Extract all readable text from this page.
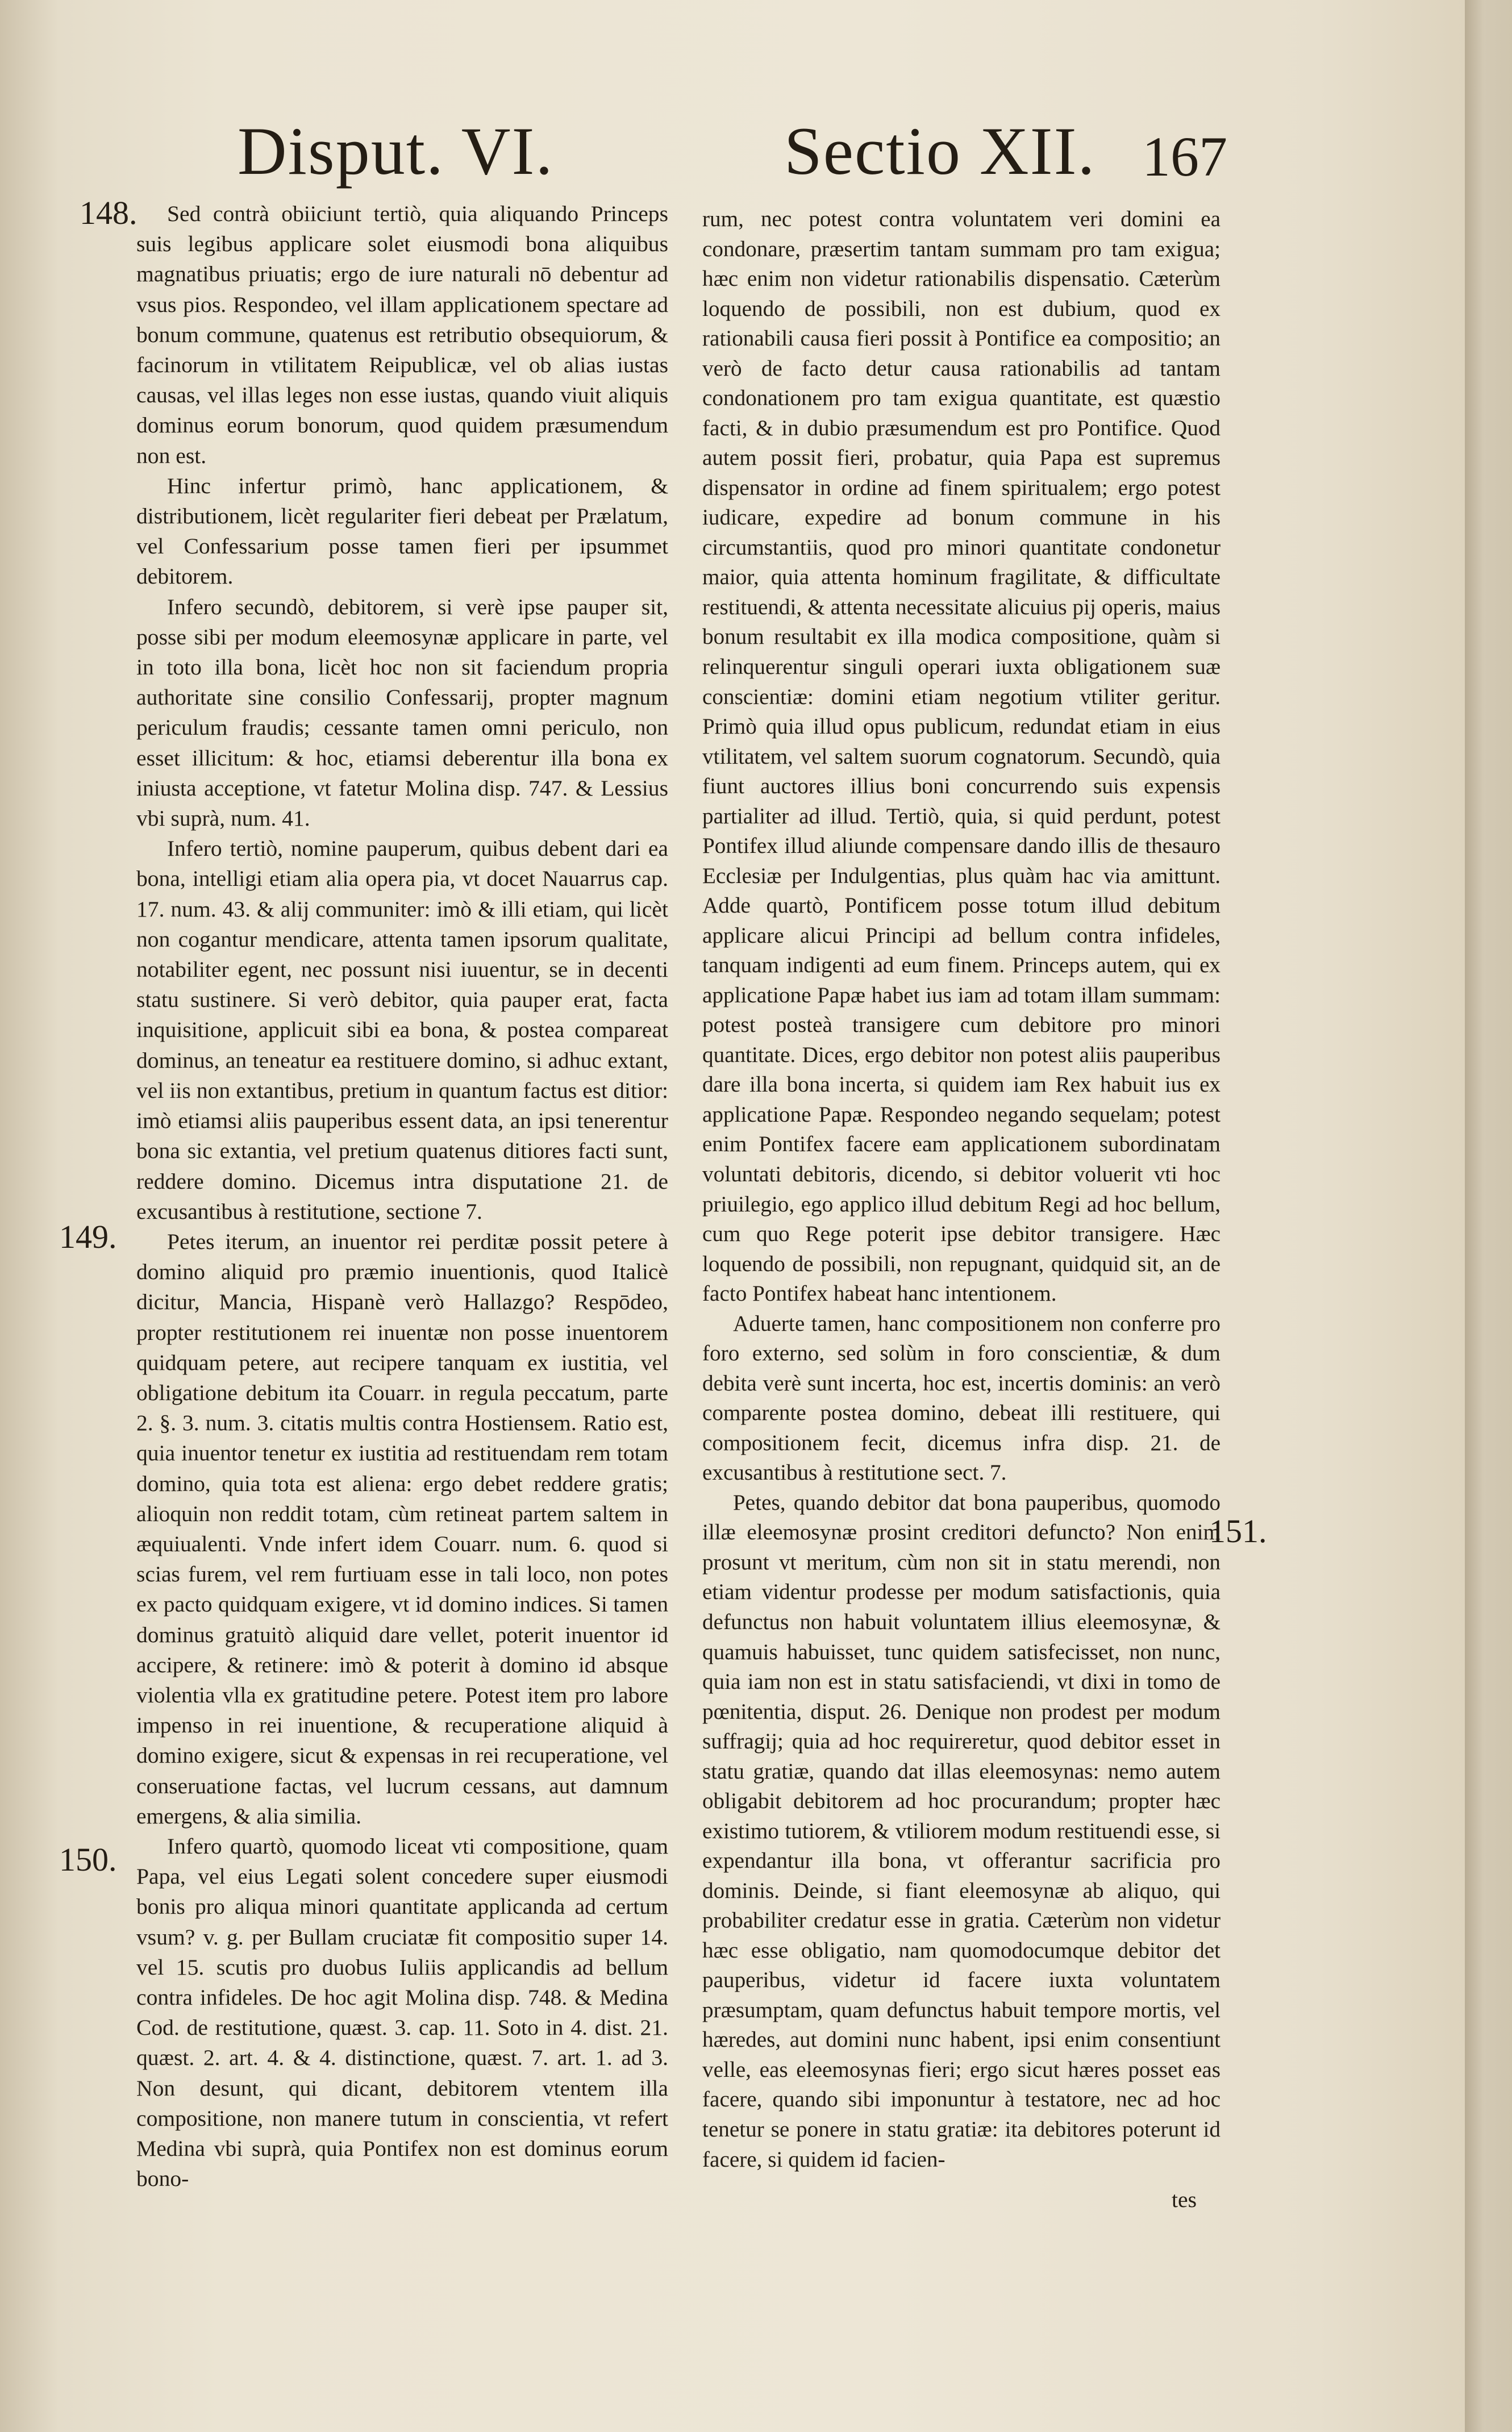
Disput. VI.	Sectio XII. 167
148.
149.
150.
151.

Sed contrà obiiciunt tertiò, quia aliquando Princeps suis legibus applicare solet eiusmodi bona aliquibus magnatibus priuatis; ergo de iure naturali nō debentur ad vsus pios. Respondeo, vel illam applicationem spectare ad bonum commune, quatenus est retributio obsequiorum, & facinorum in vtilitatem Reipublicæ, vel ob alias iustas causas, vel illas leges non esse iustas, quando viuit aliquis dominus eorum bonorum, quod quidem præsumendum non est.

Hinc infertur primò, hanc applicationem, & distributionem, licèt regulariter fieri debeat per Prælatum, vel Confessarium posse tamen fieri per ipsummet debitorem.

Infero secundò, debitorem, si verè ipse pauper sit, posse sibi per modum eleemosynæ applicare in parte, vel in toto illa bona, licèt hoc non sit faciendum propria authoritate sine consilio Confessarij, propter magnum periculum fraudis; cessante tamen omni periculo, non esset illicitum: & hoc, etiamsi deberentur illa bona ex iniusta acceptione, vt fatetur Molina disp. 747. & Lessius vbi suprà, num. 41.

Infero tertiò, nomine pauperum, quibus debent dari ea bona, intelligi etiam alia opera pia, vt docet Nauarrus cap. 17. num. 43. & alij communiter: imò & illi etiam, qui licèt non cogantur mendicare, attenta tamen ipsorum qualitate, notabiliter egent, nec possunt nisi iuuentur, se in decenti statu sustinere. Si verò debitor, quia pauper erat, facta inquisitione, applicuit sibi ea bona, & postea compareat dominus, an teneatur ea restituere domino, si adhuc extant, vel iis non extantibus, pretium in quantum factus est ditior: imò etiamsi aliis pauperibus essent data, an ipsi tenerentur bona sic extantia, vel pretium quatenus ditiores facti sunt, reddere domino. Dicemus intra disputatione 21. de excusantibus à restitutione, sectione 7.

Petes iterum, an inuentor rei perditæ possit petere à domino aliquid pro præmio inuentionis, quod Italicè dicitur, Mancia, Hispanè verò Hallazgo? Respōdeo, propter restitutionem rei inuentæ non posse inuentorem quidquam petere, aut recipere tanquam ex iustitia, vel obligatione debitum ita Couarr. in regula peccatum, parte 2. §. 3. num. 3. citatis multis contra Hostiensem. Ratio est, quia inuentor tenetur ex iustitia ad restituendam rem totam domino, quia tota est aliena: ergo debet reddere gratis; alioquin non reddit totam, cùm retineat partem saltem in æquiualenti. Vnde infert idem Couarr. num. 6. quod si scias furem, vel rem furtiuam esse in tali loco, non potes ex pacto quidquam exigere, vt id domino indices. Si tamen dominus gratuitò aliquid dare vellet, poterit inuentor id accipere, & retinere: imò & poterit à domino id absque violentia vlla ex gratitudine petere. Potest item pro labore impenso in rei inuentione, & recuperatione aliquid à domino exigere, sicut & expensas in rei recuperatione, vel conseruatione factas, vel lucrum cessans, aut damnum emergens, & alia similia.

Infero quartò, quomodo liceat vti compositione, quam Papa, vel eius Legati solent concedere super eiusmodi bonis pro aliqua minori quantitate applicanda ad certum vsum? v. g. per Bullam cruciatæ fit compositio super 14. vel 15. scutis pro duobus Iuliis applicandis ad bellum contra infideles. De hoc agit Molina disp. 748. & Medina Cod. de restitutione, quæst. 3. cap. 11. Soto in 4. dist. 21. quæst. 2. art. 4. & 4. distinctione, quæst. 7. art. 1. ad 3. Non desunt, qui dicant, debitorem vtentem illa compositione, non manere tutum in conscientia, vt refert Medina vbi suprà, quia Pontifex non est dominus eorum bono-

rum, nec potest contra voluntatem veri domini ea condonare, præsertim tantam summam pro tam exigua; hæc enim non videtur rationabilis dispensatio. Cæterùm loquendo de possibili, non est dubium, quod ex rationabili causa fieri possit à Pontifice ea compositio; an verò de facto detur causa rationabilis ad tantam condonationem pro tam exigua quantitate, est quæstio facti, & in dubio præsumendum est pro Pontifice. Quod autem possit fieri, probatur, quia Papa est supremus dispensator in ordine ad finem spiritualem; ergo potest iudicare, expedire ad bonum commune in his circumstantiis, quod pro minori quantitate condonetur maior, quia attenta hominum fragilitate, & difficultate restituendi, & attenta necessitate alicuius pij operis, maius bonum resultabit ex illa modica compositione, quàm si relinquerentur singuli operari iuxta obligationem suæ conscientiæ: domini etiam negotium vtiliter geritur. Primò quia illud opus publicum, redundat etiam in eius vtilitatem, vel saltem suorum cognatorum. Secundò, quia fiunt auctores illius boni concurrendo suis expensis partialiter ad illud. Tertiò, quia, si quid perdunt, potest Pontifex illud aliunde compensare dando illis de thesauro Ecclesiæ per Indulgentias, plus quàm hac via amittunt. Adde quartò, Pontificem posse totum illud debitum applicare alicui Principi ad bellum contra infideles, tanquam indigenti ad eum finem. Princeps autem, qui ex applicatione Papæ habet ius iam ad totam illam summam: potest posteà transigere cum debitore pro minori quantitate. Dices, ergo debitor non potest aliis pauperibus dare illa bona incerta, si quidem iam Rex habuit ius ex applicatione Papæ. Respondeo negando sequelam; potest enim Pontifex facere eam applicationem subordinatam voluntati debitoris, dicendo, si debitor voluerit vti hoc priuilegio, ego applico illud debitum Regi ad hoc bellum, cum quo Rege poterit ipse debitor transigere. Hæc loquendo de possibili, non repugnant, quidquid sit, an de facto Pontifex habeat hanc intentionem.

Aduerte tamen, hanc compositionem non conferre pro foro externo, sed solùm in foro conscientiæ, & dum debita verè sunt incerta, hoc est, incertis dominis: an verò comparente postea domino, debeat illi restituere, qui compositionem fecit, dicemus infra disp. 21. de excusantibus à restitutione sect. 7.

Petes, quando debitor dat bona pauperibus, quomodo illæ eleemosynæ prosint creditori defuncto? Non enim prosunt vt meritum, cùm non sit in statu merendi, non etiam videntur prodesse per modum satisfactionis, quia defunctus non habuit voluntatem illius eleemosynæ, & quamuis habuisset, tunc quidem satisfecisset, non nunc, quia iam non est in statu satisfaciendi, vt dixi in tomo de pœnitentia, disput. 26. Denique non prodest per modum suffragij; quia ad hoc requireretur, quod debitor esset in statu gratiæ, quando dat illas eleemosynas: nemo autem obligabit debitorem ad hoc procurandum; propter hæc existimo tutiorem, & vtiliorem modum restituendi esse, si expendantur illa bona, vt offerantur sacrificia pro dominis. Deinde, si fiant eleemosynæ ab aliquo, qui probabiliter credatur esse in gratia. Cæterùm non videtur hæc esse obligatio, nam quomodocumque debitor det pauperibus, videtur id facere iuxta voluntatem præsumptam, quam defunctus habuit tempore mortis, vel hæredes, aut domini nunc habent, ipsi enim consentiunt velle, eas eleemosynas fieri; ergo sicut hæres posset eas facere, quando sibi imponuntur à testatore, nec ad hoc tenetur se ponere in statu gratiæ: ita debitores poterunt id facere, si quidem id facien-

tes
